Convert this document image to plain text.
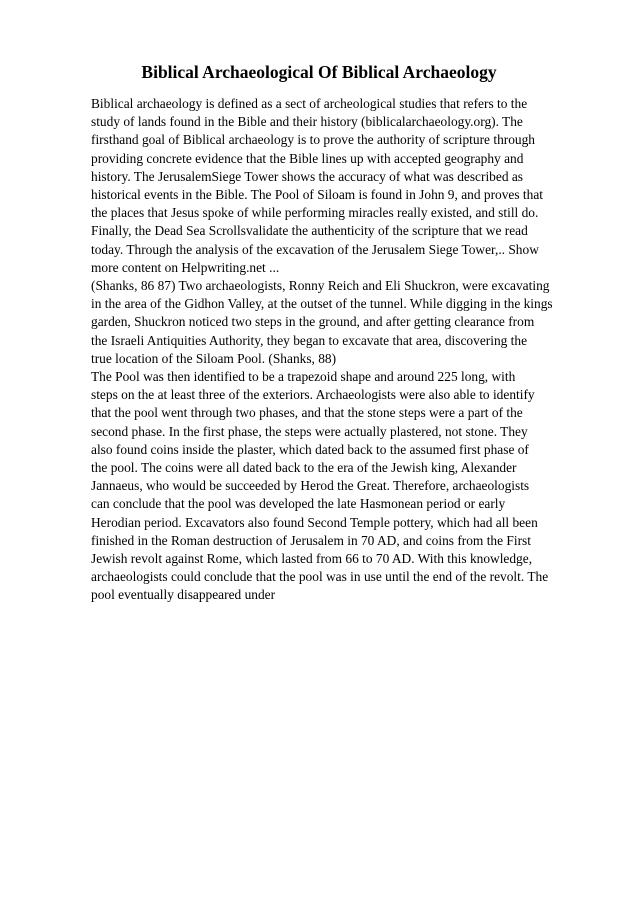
Biblical Archaeological Of Biblical Archaeology
Biblical archaeology is defined as a sect of archeological studies that refers to the
study of lands found in the Bible and their history (biblicalarchaeology.org). The
firsthand goal of Biblical archaeology is to prove the authority of scripture through
providing concrete evidence that the Bible lines up with accepted geography and
history. The JerusalemSiege Tower shows the accuracy of what was described as
historical events in the Bible. The Pool of Siloam is found in John 9, and proves that
the places that Jesus spoke of while performing miracles really existed, and still do.
Finally, the Dead Sea Scrollsvalidate the authenticity of the scripture that we read
today. Through the analysis of the excavation of the Jerusalem Siege Tower,.. Show
more content on Helpwriting.net ...
(Shanks, 86 87) Two archaeologists, Ronny Reich and Eli Shuckron, were excavating
in the area of the Gidhon Valley, at the outset of the tunnel. While digging in the kings
garden, Shuckron noticed two steps in the ground, and after getting clearance from
the Israeli Antiquities Authority, they began to excavate that area, discovering the
true location of the Siloam Pool. (Shanks, 88)
The Pool was then identified to be a trapezoid shape and around 225 long, with
steps on the at least three of the exteriors. Archaeologists were also able to identify
that the pool went through two phases, and that the stone steps were a part of the
second phase. In the first phase, the steps were actually plastered, not stone. They
also found coins inside the plaster, which dated back to the assumed first phase of
the pool. The coins were all dated back to the era of the Jewish king, Alexander
Jannaeus, who would be succeeded by Herod the Great. Therefore, archaeologists
can conclude that the pool was developed the late Hasmonean period or early
Herodian period. Excavators also found Second Temple pottery, which had all been
finished in the Roman destruction of Jerusalem in 70 AD, and coins from the First
Jewish revolt against Rome, which lasted from 66 to 70 AD. With this knowledge,
archaeologists could conclude that the pool was in use until the end of the revolt. The
pool eventually disappeared under
